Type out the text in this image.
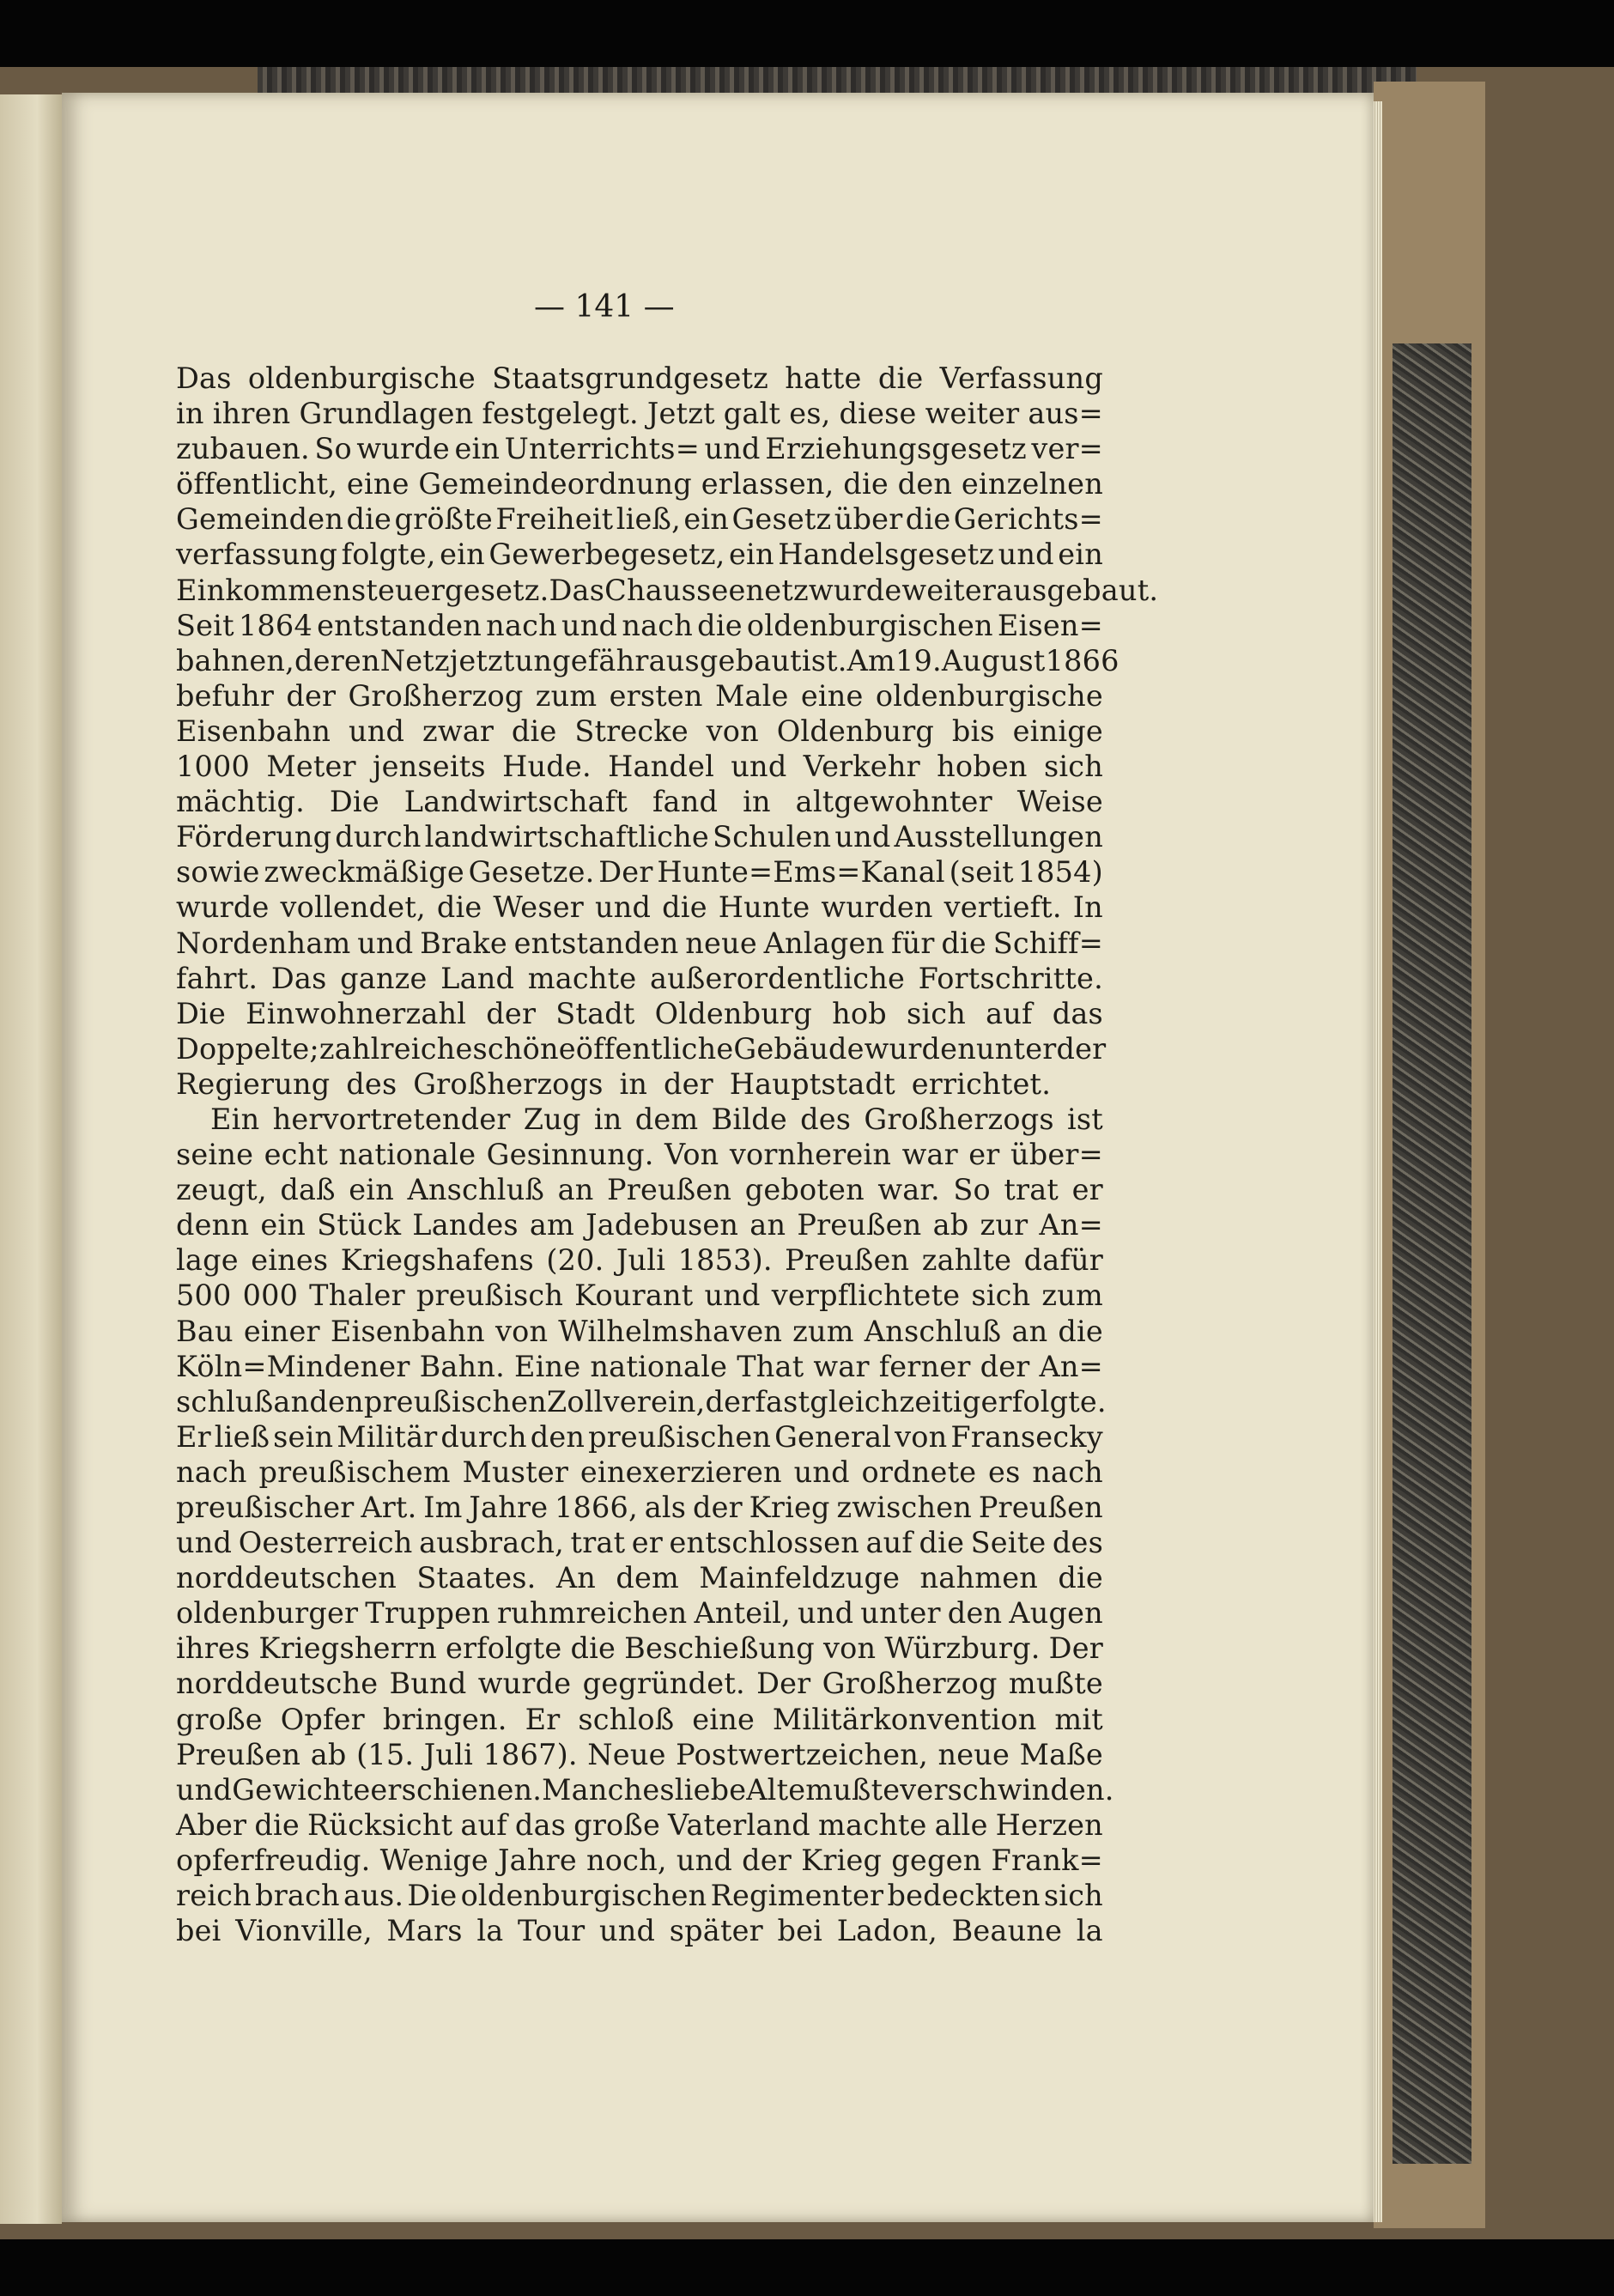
— 141 —
Das oldenburgische Staatsgrundgesetz hatte die Verfassung
in ihren Grundlagen festgelegt. Jetzt galt es, diese weiter aus=
zubauen. So wurde ein Unterrichts= und Erziehungsgesetz ver=
öffentlicht, eine Gemeindeordnung erlassen, die den einzelnen
Gemeinden die größte Freiheit ließ, ein Gesetz über die Gerichts=
verfassung folgte, ein Gewerbegesetz, ein Handelsgesetz und ein
Einkommensteuergesetz. Das Chausseenetz wurde weiter ausgebaut.
Seit 1864 entstanden nach und nach die oldenburgischen Eisen=
bahnen, deren Netz jetzt ungefähr ausgebaut ist. Am 19. August 1866
befuhr der Großherzog zum ersten Male eine oldenburgische
Eisenbahn und zwar die Strecke von Oldenburg bis einige
1000 Meter jenseits Hude. Handel und Verkehr hoben sich
mächtig. Die Landwirtschaft fand in altgewohnter Weise
Förderung durch landwirtschaftliche Schulen und Ausstellungen
sowie zweckmäßige Gesetze. Der Hunte=Ems=Kanal (seit 1854)
wurde vollendet, die Weser und die Hunte wurden vertieft. In
Nordenham und Brake entstanden neue Anlagen für die Schiff=
fahrt. Das ganze Land machte außerordentliche Fortschritte.
Die Einwohnerzahl der Stadt Oldenburg hob sich auf das
Doppelte; zahlreiche schöne öffentliche Gebäude wurden unter der
Regierung des Großherzogs in der Hauptstadt errichtet.
Ein hervortretender Zug in dem Bilde des Großherzogs ist
seine echt nationale Gesinnung. Von vornherein war er über=
zeugt, daß ein Anschluß an Preußen geboten war. So trat er
denn ein Stück Landes am Jadebusen an Preußen ab zur An=
lage eines Kriegshafens (20. Juli 1853). Preußen zahlte dafür
500 000 Thaler preußisch Kourant und verpflichtete sich zum
Bau einer Eisenbahn von Wilhelmshaven zum Anschluß an die
Köln=Mindener Bahn. Eine nationale That war ferner der An=
schluß an den preußischen Zollverein, der fast gleichzeitig erfolgte.
Er ließ sein Militär durch den preußischen General von Fransecky
nach preußischem Muster einexerzieren und ordnete es nach
preußischer Art. Im Jahre 1866, als der Krieg zwischen Preußen
und Oesterreich ausbrach, trat er entschlossen auf die Seite des
norddeutschen Staates. An dem Mainfeldzuge nahmen die
oldenburger Truppen ruhmreichen Anteil, und unter den Augen
ihres Kriegsherrn erfolgte die Beschießung von Würzburg. Der
norddeutsche Bund wurde gegründet. Der Großherzog mußte
große Opfer bringen. Er schloß eine Militärkonvention mit
Preußen ab (15. Juli 1867). Neue Postwertzeichen, neue Maße
und Gewichte erschienen. Manches liebe Alte mußte verschwinden.
Aber die Rücksicht auf das große Vaterland machte alle Herzen
opferfreudig. Wenige Jahre noch, und der Krieg gegen Frank=
reich brach aus. Die oldenburgischen Regimenter bedeckten sich
bei Vionville, Mars la Tour und später bei Ladon, Beaune la
